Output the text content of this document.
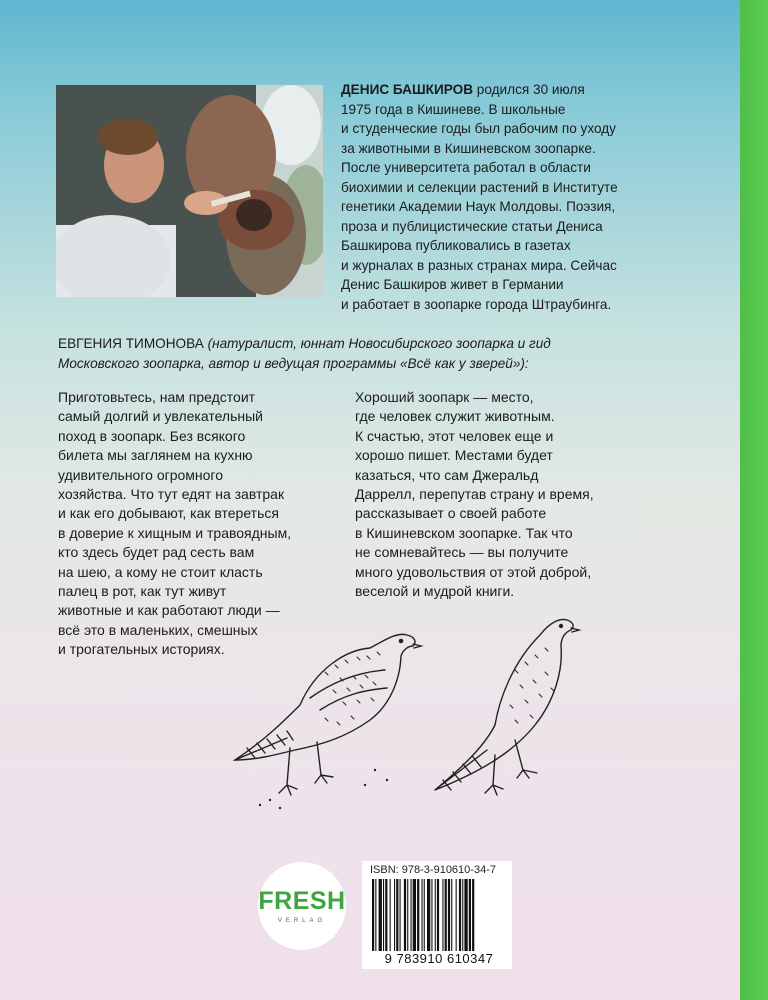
ДЕНИС БАШКИРОВ родился 30 июля
1975 года в Кишиневе. В школьные
и студенческие годы был рабочим по уходу
за животными в Кишиневском зоопарке.
После университета работал в области
биохимии и селекции растений в Институте
генетики Академии Наук Молдовы. Поэзия,
проза и публицистические статьи Дениса
Башкирова публиковались в газетах
и журналах в разных странах мира. Сейчас
Денис Башкиров живет в Германии
и работает в зоопарке города Штраубинга.
ЕВГЕНИЯ ТИМОНОВА (натуралист, юннат Новосибирского зоопарка и гид
Московского зоопарка, автор и ведущая программы «Всё как у зверей»):
Приготовьтесь, нам предстоит
самый долгий и увлекательный
поход в зоопарк. Без всякого
билета мы заглянем на кухню
удивительного огромного
хозяйства. Что тут едят на завтрак
и как его добывают, как втереться
в доверие к хищным и травоядным,
кто здесь будет рад сесть вам
на шею, а кому не стоит класть
палец в рот, как тут живут
животные и как работают люди —
всё это в маленьких, смешных
и трогательных историях.
Хороший зоопарк — место,
где человек служит животным.
К счастью, этот человек еще и
хорошо пишет. Местами будет
казаться, что сам Джеральд
Даррелл, перепутав страну и время,
рассказывает о своей работе
в Кишиневском зоопарке. Так что
не сомневайтесь — вы получите
много удовольствия от этой доброй,
веселой и мудрой книги.
FRESH
VERLAG
ISBN: 978-3-910610-34-7
9 783910 610347
